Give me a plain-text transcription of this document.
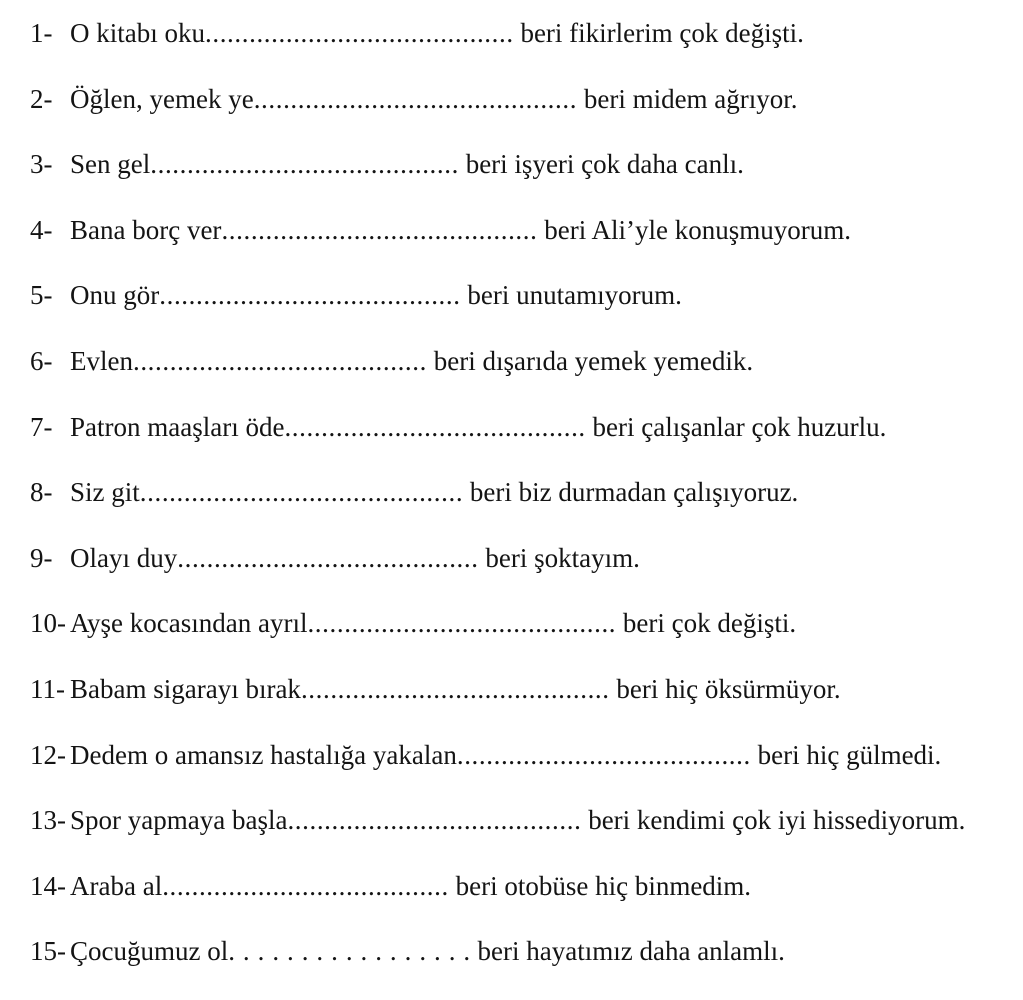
1- O kitabı oku.......................................... beri fikirlerim çok değişti.
2- Öğlen, yemek ye............................................ beri midem ağrıyor.
3- Sen gel.......................................... beri işyeri çok daha canlı.
4- Bana borç ver........................................... beri Ali’yle konuşmuyorum.
5- Onu gör......................................... beri unutamıyorum.
6- Evlen........................................ beri dışarıda yemek yemedik.
7- Patron maaşları öde......................................... beri çalışanlar çok huzurlu.
8- Siz git............................................ beri biz durmadan çalışıyoruz.
9- Olayı duy......................................... beri şoktayım.
10- Ayşe kocasından ayrıl.......................................... beri çok değişti.
11- Babam sigarayı bırak.......................................... beri hiç öksürmüyor.
12- Dedem o amansız hastalığa yakalan........................................ beri hiç gülmedi.
13- Spor yapmaya başla........................................ beri kendimi çok iyi hissediyorum.
14- Araba al....................................... beri otobüse hiç binmedim.
15- Çocuğumuz ol. . . . . . . . . . . . . . . . . beri hayatımız daha anlamlı.
